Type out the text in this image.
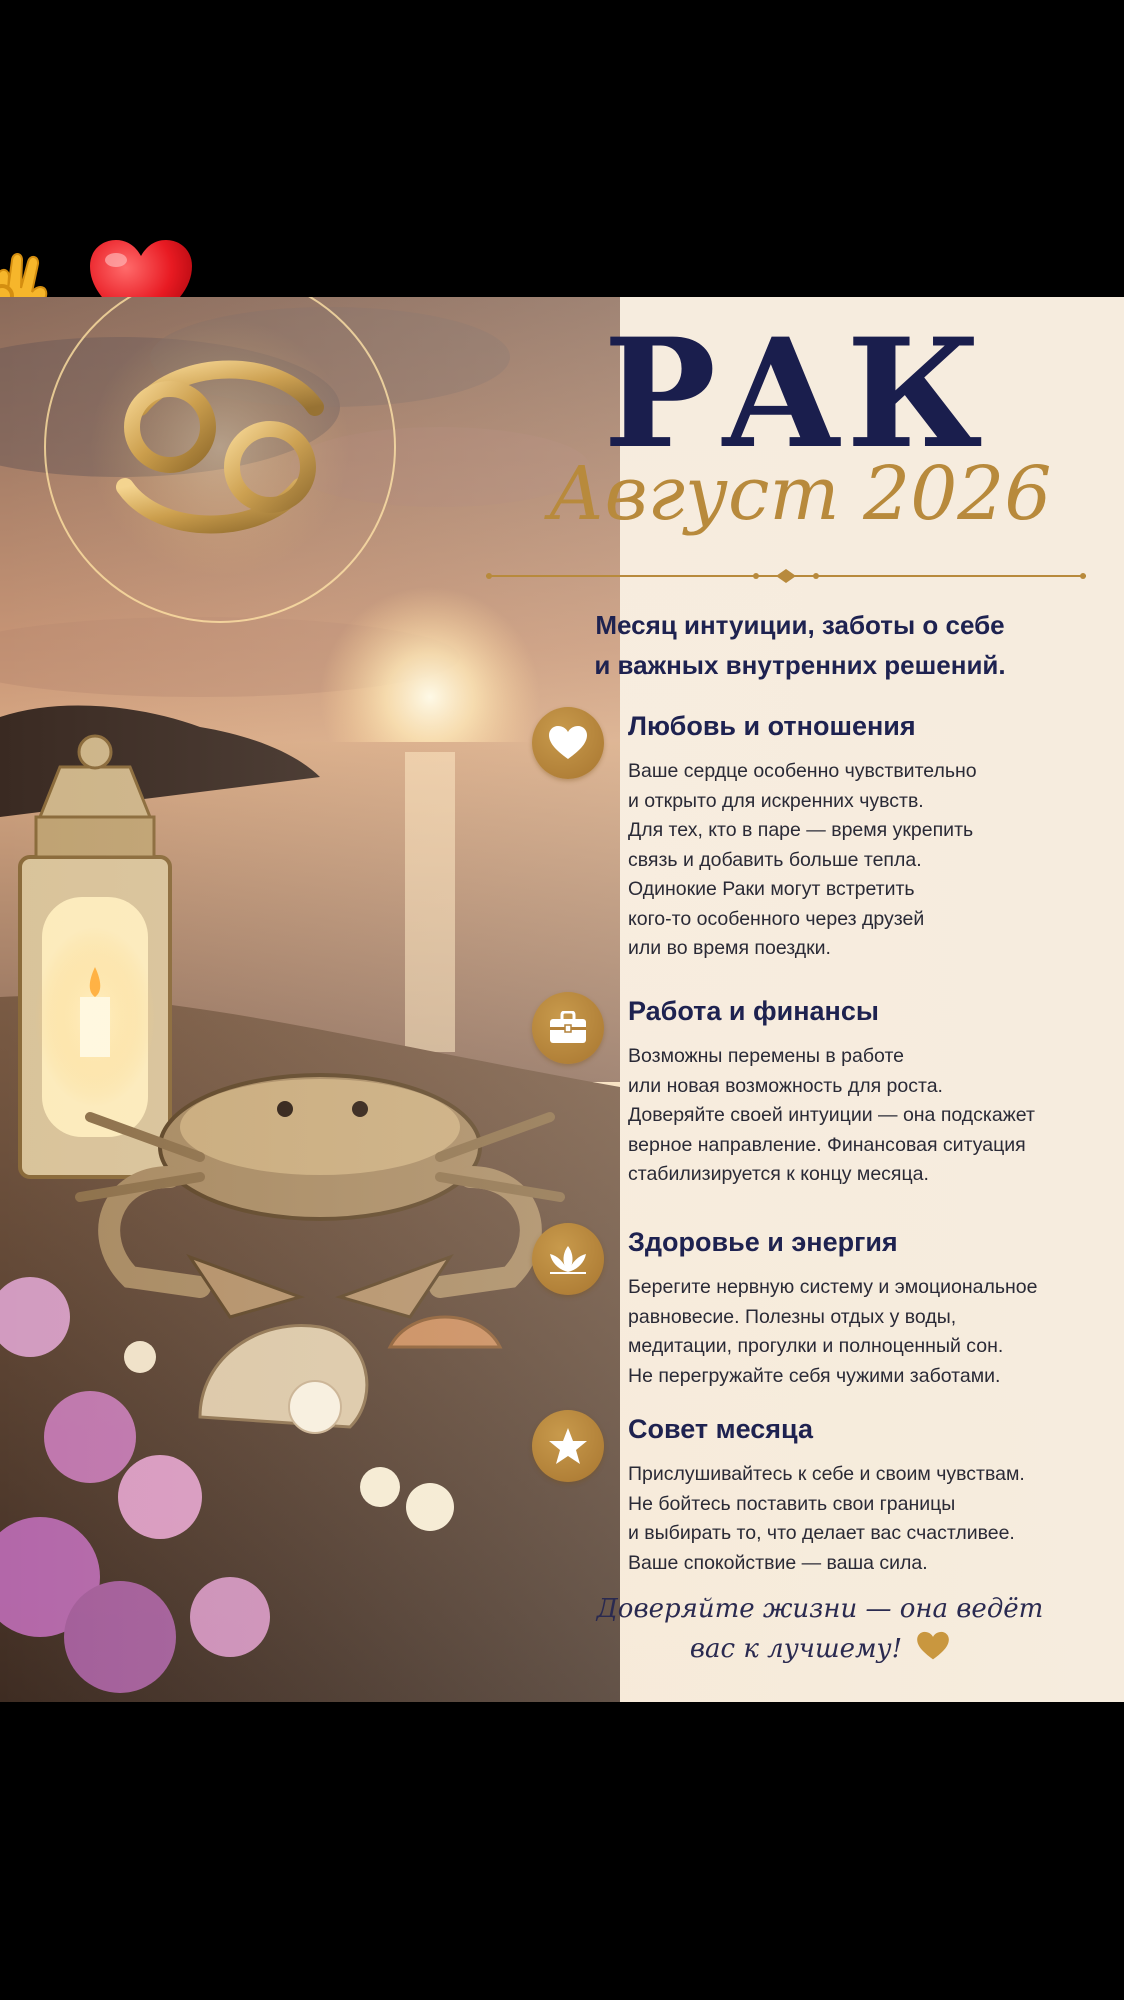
РАК
Август 2026
Месяц интуиции, заботы о себе
и важных внутренних решений.
Любовь и отношения
Ваше сердце особенно чувствительно
и открыто для искренних чувств.
Для тех, кто в паре — время укрепить
связь и добавить больше тепла.
Одинокие Раки могут встретить
кого-то особенного через друзей
или во время поездки.
Работа и финансы
Возможны перемены в работе
или новая возможность для роста.
Доверяйте своей интуиции — она подскажет
верное направление. Финансовая ситуация
стабилизируется к концу месяца.
Здоровье и энергия
Берегите нервную систему и эмоциональное
равновесие. Полезны отдых у воды,
медитации, прогулки и полноценный сон.
Не перегружайте себя чужими заботами.
Совет месяца
Прислушивайтесь к себе и своим чувствам.
Не бойтесь поставить свои границы
и выбирать то, что делает вас счастливее.
Ваше спокойствие — ваша сила.
Доверяйте жизни — она ведёт
вас к лучшему!
